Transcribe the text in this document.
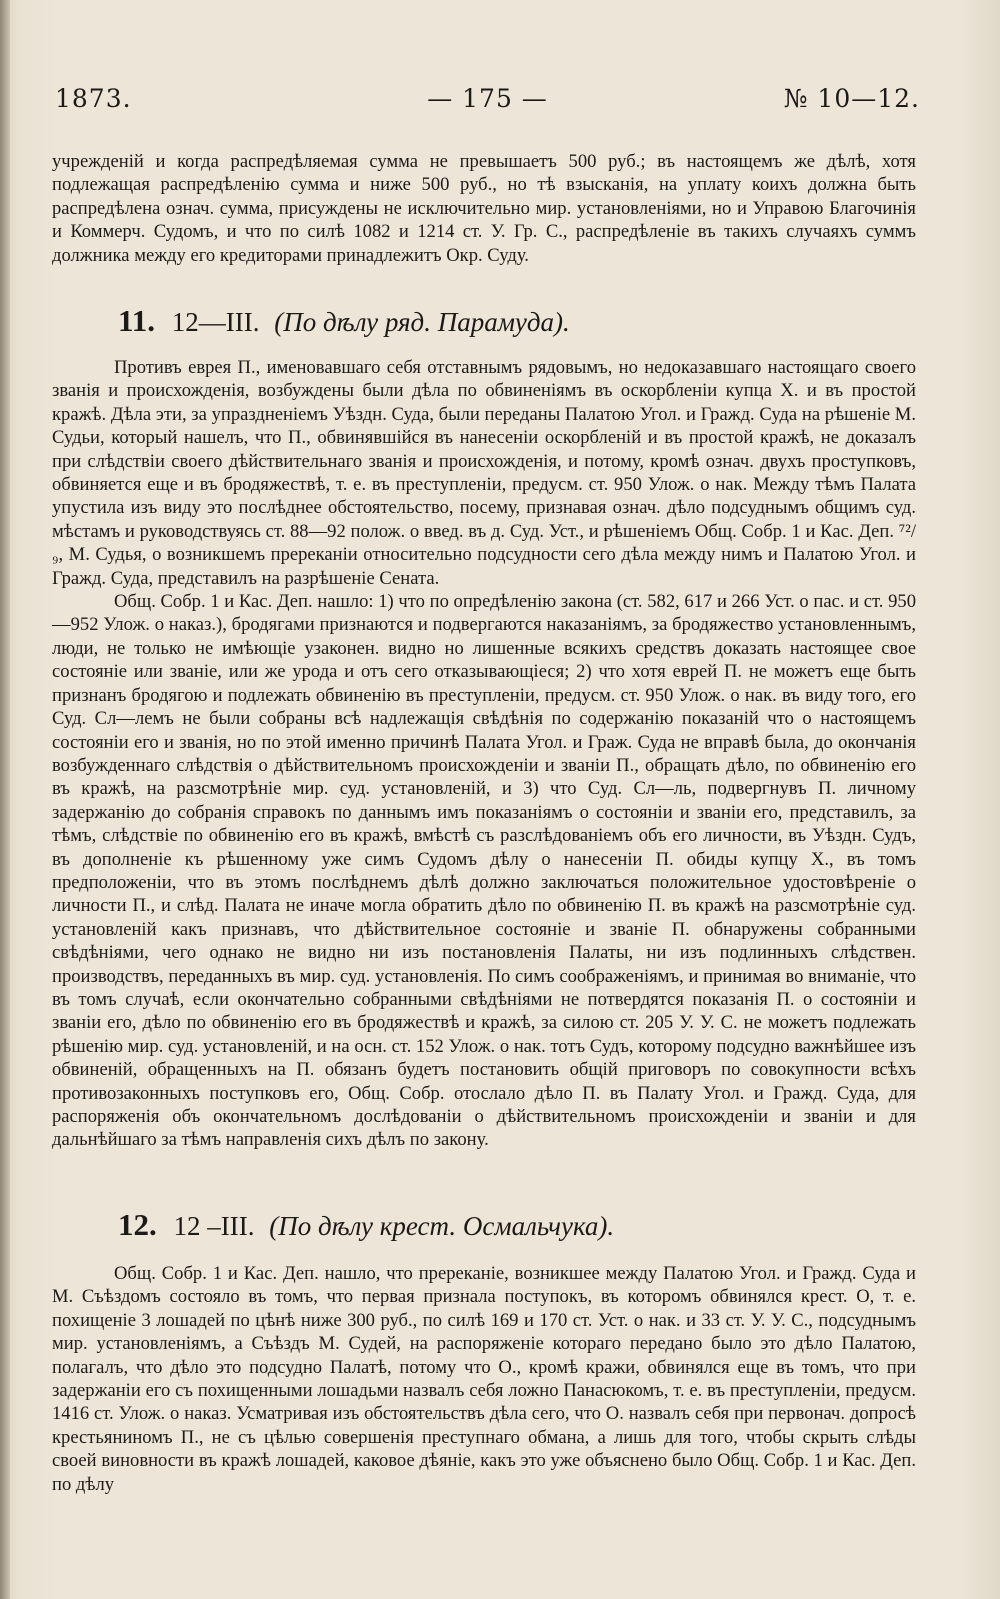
1873.	— 175 —	№ 10—12.

учрежденій и когда распредѣляемая сумма не превышаетъ 500 руб.; въ настоящемъ же дѣлѣ, хотя подлежащая распредѣленію сумма и ниже 500 руб., но тѣ взысканія, на уплату коихъ должна быть распредѣлена означ. сумма, присуждены не исключительно мир. установленіями, но и Управою Благочинія и Коммерч. Судомъ, и что по силѣ 1082 и 1214 ст. У. Гр. С., распредѣленіе въ такихъ случаяхъ суммъ должника между его кредиторами принадлежитъ Окр. Суду.

11. 12—III. (По дѣлу ряд. Парамуда).

Противъ еврея П., именовавшаго себя отставнымъ рядовымъ, но недоказавшаго настоящаго своего званія и происхожденія, возбуждены были дѣла по обвиненіямъ въ оскорбленіи купца Х. и въ простой кражѣ. Дѣла эти, за упраздненіемъ Уѣздн. Суда, были переданы Палатою Угол. и Гражд. Суда на рѣшеніе М. Судьи, который нашелъ, что П., обвинявшійся въ нанесеніи оскорбленій и въ простой кражѣ, не доказалъ при слѣдствіи своего дѣйствительнаго званія и происхожденія, и потому, кромѣ означ. двухъ проступковъ, обвиняется еще и въ бродяжествѣ, т. е. въ преступленіи, предусм. ст. 950 Улож. о нак. Между тѣмъ Палата упустила изъ виду это послѣднее обстоятельство, посему, признавая означ. дѣло подсуднымъ общимъ суд. мѣстамъ и руководствуясь ст. 88—92 полож. о введ. въ д. Суд. Уст., и рѣшеніемъ Общ. Собр. 1 и Кас. Деп. ⁷²/₉, М. Судья, о возникшемъ пререканіи относительно подсудности сего дѣла между нимъ и Палатою Угол. и Гражд. Суда, представилъ на разрѣшеніе Сената.

Общ. Собр. 1 и Кас. Деп. нашло: 1) что по опредѣленію закона (ст. 582, 617 и 266 Уст. о пас. и ст. 950—952 Улож. о наказ.), бродягами признаются и подвергаются наказаніямъ, за бродяжество установленнымъ, люди, не только не имѣющіе узаконен. видно но лишенные всякихъ средствъ доказать настоящее свое состояніе или званіе, или же урода и отъ сего отказывающіеся; 2) что хотя еврей П. не можетъ еще быть признанъ бродягою и подлежать обвиненію въ преступленіи, предусм. ст. 950 Улож. о нак. въ виду того, его Суд. Сл—лемъ не были собраны всѣ надлежащія свѣдѣнія по содержанію показаній что о настоящемъ состояніи его и званія, но по этой именно причинѣ Палата Угол. и Граж. Суда не вправѣ была, до окончанія возбужденнаго слѣдствія о дѣйствительномъ происхожденіи и званіи П., обращать дѣло, по обвиненію его въ кражѣ, на разсмотрѣніе мир. суд. установленій, и 3) что Суд. Сл—ль, подвергнувъ П. личному задержанію до собранія справокъ по даннымъ имъ показаніямъ о состояніи и званіи его, представилъ, за тѣмъ, слѣдствіе по обвиненію его въ кражѣ, вмѣстѣ съ разслѣдованіемъ объ его личности, въ Уѣздн. Судъ, въ дополненіе къ рѣшенному уже симъ Судомъ дѣлу о нанесеніи П. обиды купцу Х., въ томъ предположеніи, что въ этомъ послѣднемъ дѣлѣ должно заключаться положительное удостовѣреніе о личности П., и слѣд. Палата не иначе могла обратить дѣло по обвиненію П. въ кражѣ на разсмотрѣніе суд. установленій какъ признавъ, что дѣйствительное состояніе и званіе П. обнаружены собранными свѣдѣніями, чего однако не видно ни изъ постановленія Палаты, ни изъ подлинныхъ слѣдствен. производствъ, переданныхъ въ мир. суд. установленія. По симъ соображеніямъ, и принимая во вниманіе, что въ томъ случаѣ, если окончательно собранными свѣдѣніями не потвердятся показанія П. о состояніи и званіи его, дѣло по обвиненію его въ бродяжествѣ и кражѣ, за силою ст. 205 У. У. С. не можетъ подлежать рѣшенію мир. суд. установленій, и на осн. ст. 152 Улож. о нак. тотъ Судъ, которому подсудно важнѣйшее изъ обвиненій, обращенныхъ на П. обязанъ будетъ постановить общій приговоръ по совокупности всѣхъ противозаконныхъ поступковъ его, Общ. Собр. отослало дѣло П. въ Палату Угол. и Гражд. Суда, для распоряженія объ окончательномъ дослѣдованіи о дѣйствительномъ происхожденіи и званіи и для дальнѣйшаго за тѣмъ направленія сихъ дѣлъ по закону.

12. 12 –III. (По дѣлу крест. Осмальчука).

Общ. Собр. 1 и Кас. Деп. нашло, что пререканіе, возникшее между Палатою Угол. и Гражд. Суда и М. Съѣздомъ состояло въ томъ, что первая признала поступокъ, въ которомъ обвинялся крест. О, т. е. похищеніе 3 лошадей по цѣнѣ ниже 300 руб., по силѣ 169 и 170 ст. Уст. о нак. и 33 ст. У. У. С., подсуднымъ мир. установленіямъ, а Съѣздъ М. Судей, на распоряженіе котораго передано было это дѣло Палатою, полагалъ, что дѣло это подсудно Палатѣ, потому что О., кромѣ кражи, обвинялся еще въ томъ, что при задержаніи его съ похищенными лошадьми назвалъ себя ложно Панасюкомъ, т. е. въ преступленіи, предусм. 1416 ст. Улож. о наказ. Усматривая изъ обстоятельствъ дѣла сего, что О. назвалъ себя при первонач. допросѣ крестьяниномъ П., не съ цѣлью совершенія преступнаго обмана, а лишь для того, чтобы скрыть слѣды своей виновности въ кражѣ лошадей, каковое дѣяніе, какъ это уже объяснено было Общ. Собр. 1 и Кас. Деп. по дѣлу
